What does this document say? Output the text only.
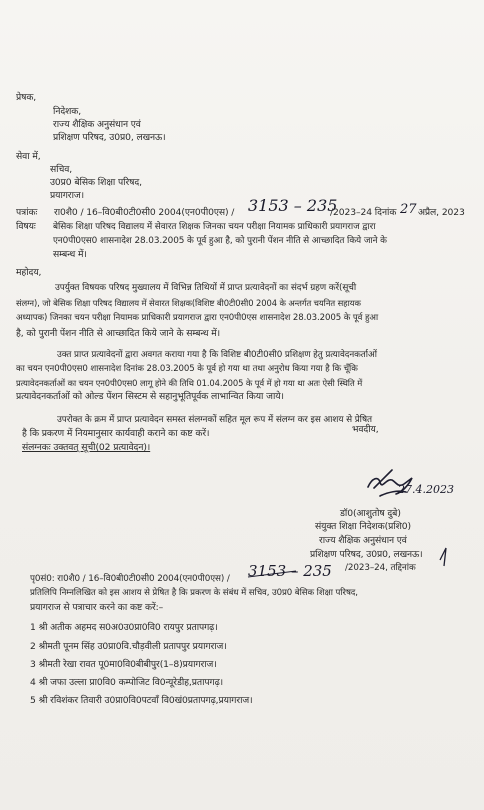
प्रेषक,
निदेशक,
राज्य शैक्षिक अनुसंधान एवं
प्रशिक्षण परिषद, उ0प्र0, लखनऊ।
सेवा में,
सचिव,
उ0प्र0 बेसिक शिक्षा परिषद,
प्रयागराज।
पत्रांकः रा0शै0 / 16–वि0बी0टी0सी0 2004(एन0पी0एस) / 3153 – 235
/2023–24 दिनांक 27 अप्रैल, 2023
विषयः बेसिक शिक्षा परिषद विद्यालय में सेवारत शिक्षक जिनका चयन परीक्षा नियामक प्राधिकारी प्रयागराज द्वारा
एन0पी0एस0 शासनादेश 28.03.2005 के पूर्व हुआ है, को पुरानी पेंशन नीति से आच्छादित किये जाने के
सम्बन्ध में।
महोदय,
उपर्युक्त विषयक परिषद मुख्यालय में विभिन्न तिथियों में प्राप्त प्रत्यावेदनों का संदर्भ ग्रहण करें(सूची
संलग्न), जो बेसिक शिक्षा परिषद विद्यालय में सेवारत शिक्षक(विशिष्ट बी0टी0सी0 2004 के अन्तर्गत चयनित सहायक
अध्यापक) जिनका चयन परीक्षा नियामक प्राधिकारी प्रयागराज द्वारा एन0पी0एस शासनादेश 28.03.2005 के पूर्व हुआ
है, को पुरानी पेंशन नीति से आच्छादित किये जाने के सम्बन्ध में।
उक्त प्राप्त प्रत्यावेदनों द्वारा अवगत कराया गया है कि विशिष्ट बी0टी0सी0 प्रशिक्षण हेतु प्रत्यावेदनकर्ताओं
का चयन एन0पी0एस0 शासनादेश दिनांक 28.03.2005 के पूर्व हो गया था तथा अनुरोध किया गया है कि चूँकि
प्रत्यावेदनकर्ताओं का चयन एन0पी0एस0 लागू होने की तिथि 01.04.2005 के पूर्व में हो गया था अतः ऐसी स्थिति में
प्रत्यावेदनकर्ताओं को ओल्ड पेंशन सिस्टम से सहानुभूतिपूर्वक लाभान्वित किया जाये।
उपरोक्त के क्रम में प्राप्त प्रत्यावेदन समस्त संलग्नकों सहित मूल रूप में संलग्न कर इस आशय से प्रेषित
है कि प्रकरण में नियमानुसार कार्यवाही कराने का कष्ट करें।
संलग्नकः उक्तवत् सूची(02 प्रत्यावेदन)।
भवदीय,
27.4.2023
डॉ0(आशुतोष दुबे)
संयुक्त शिक्षा निदेशक(प्रशि0)
राज्य शैक्षिक अनुसंधान एवं
प्रशिक्षण परिषद, उ0प्र0, लखनऊ।
पृ0सं0: रा0शै0 / 16–वि0बी0टी0सी0 2004(एन0पी0एस) / 3153 – 235 /2023–24, तद्दिनांक
प्रतिलिपि निम्नलिखित को इस आशय से प्रेषित है कि प्रकरण के संबंध में सचिव, उ0प्र0 बेसिक शिक्षा परिषद,
प्रयागराज से पत्राचार करने का कष्ट करें:–
1 श्री अतीक अहमद स0अ0उ0प्रा0वि0 रायपुर प्रतापगढ़।
2 श्रीमती पूनम सिंह उ0प्रा0वि.चौड़वीली प्रतापपुर प्रयागराज।
3 श्रीमती रेखा रावत पू0मा0वि0बीबीपुर(1–8)प्रयागराज।
4 श्री जफा उल्ला प्रा0वि0 कम्पोजिट वि0न्यूरेडीह,प्रतापगढ़।
5 श्री रविशंकर तिवारी उ0प्रा0वि0पटवाँ वि0खं0प्रतापगढ़,प्रयागराज।
